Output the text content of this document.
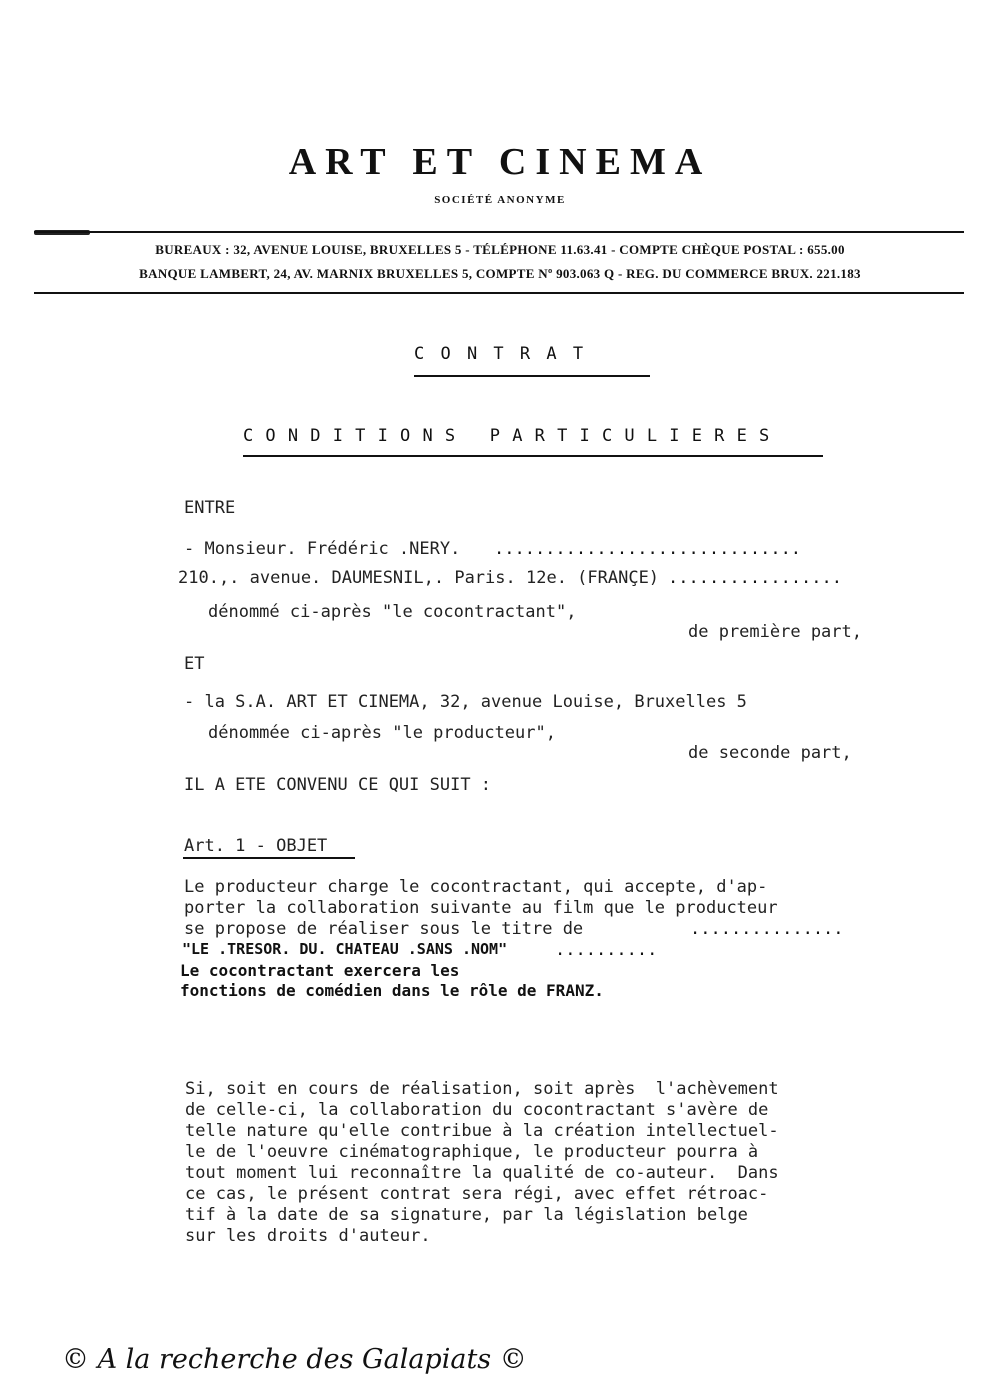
ART ET CINEMA
SOCIÉTÉ ANONYME
BUREAUX : 32, AVENUE LOUISE, BRUXELLES 5 - TÉLÉPHONE 11.63.41 - COMPTE CHÈQUE POSTAL : 655.00
BANQUE LAMBERT, 24, AV. MARNIX BRUXELLES 5, COMPTE Nº 903.063 Q - REG. DU COMMERCE BRUX. 221.183
C O N T R A T
CONDITIONS PARTICULIERES
ENTRE
- Monsieur. Frédéric .NERY. ..............................
210.,. avenue. DAUMESNIL,. Paris. 12e. (FRANÇE) .................
dénommé ci-après "le cocontractant",
de première part,
ET
- la S.A. ART ET CINEMA, 32, avenue Louise, Bruxelles 5
dénommée ci-après "le producteur",
de seconde part,
IL A ETE CONVENU CE QUI SUIT :
Art. 1 - OBJET
Le producteur charge le cocontractant, qui accepte, d'ap-
porter la collaboration suivante au film que le producteur
se propose de réaliser sous le titre de	...............
"LE .TRESOR. DU. CHATEAU .SANS .NOM"	..........
Le cocontractant exercera les
fonctions de comédien dans le rôle de FRANZ.
Si, soit en cours de réalisation, soit après  l'achèvement
de celle-ci, la collaboration du cocontractant s'avère de
telle nature qu'elle contribue à la création intellectuel-
le de l'oeuvre cinématographique, le producteur pourra à
tout moment lui reconnaître la qualité de co-auteur.  Dans
ce cas, le présent contrat sera régi, avec effet rétroac-
tif à la date de sa signature, par la législation belge
sur les droits d'auteur.
© A la recherche des Galapiats ©
